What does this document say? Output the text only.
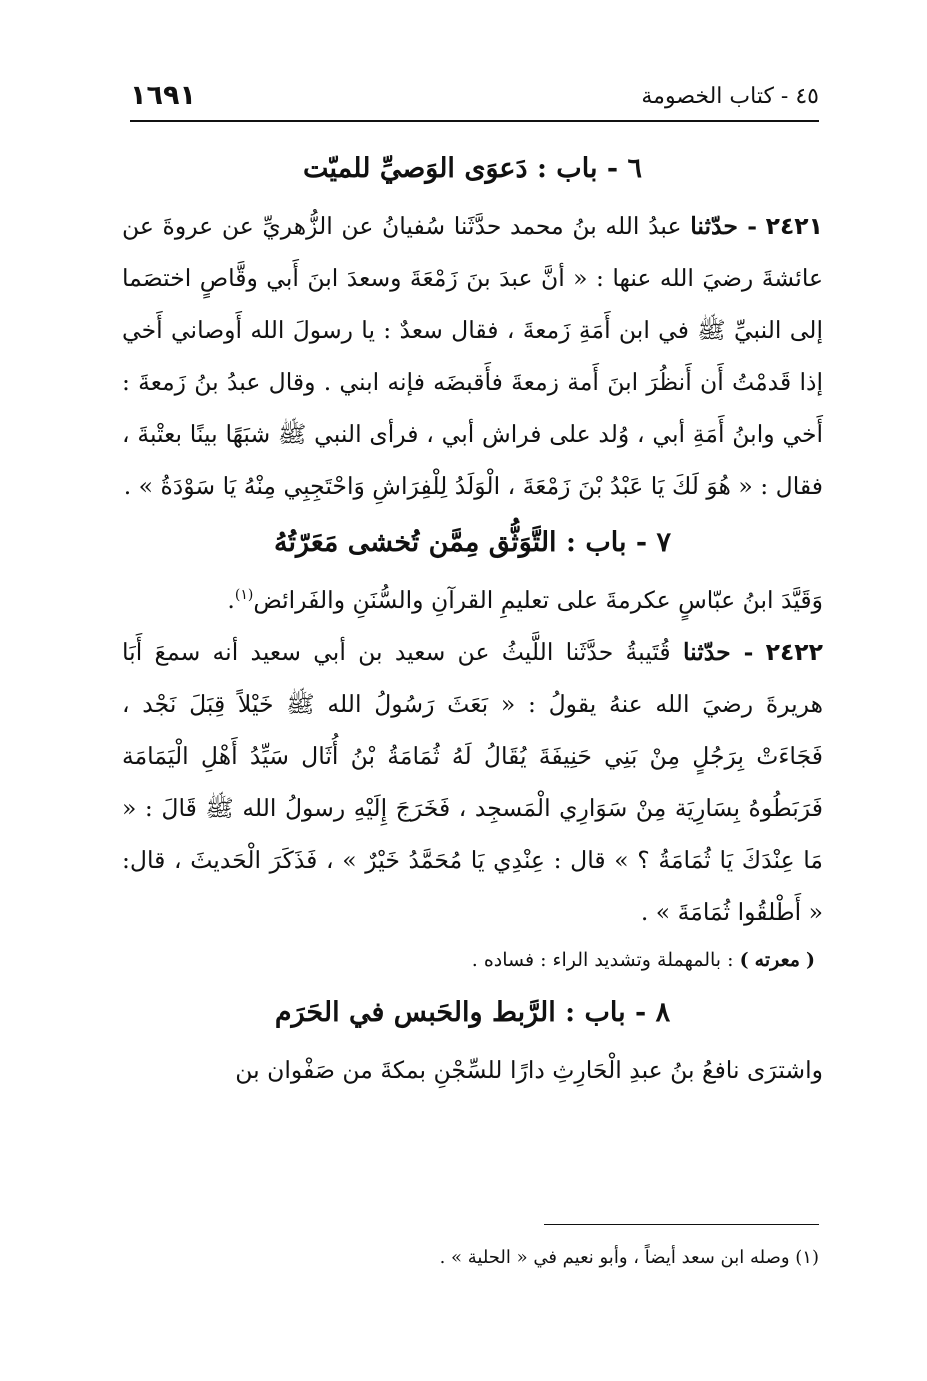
٤٥ - كتاب الخصومة
١٦٩١
٦ - باب : دَعوَى الوَصيِّ للميّت

٢٤٢١ - حدّثنا عبدُ الله بنُ محمد حدَّثَنا سُفيانُ عن الزُّهريِّ عن عروةَ عن عائشةَ رضيَ الله عنها : « أنَّ عبدَ بنَ زَمْعَةَ وسعدَ ابنَ أَبي وقَّاصٍ اختصَما إلى النبيِّ ﷺ في ابن أَمَةِ زَمعةَ ، فقال سعدٌ : يا رسولَ الله أَوصاني أَخي إذا قَدمْتُ أَن أَنظُرَ ابنَ أَمة زمعةَ فأَقبضَه فإنه ابني . وقال عبدُ بنُ زَمعةَ : أَخي وابنُ أَمَةِ أبي ، وُلد على فراش أبي ، فرأى النبي ﷺ شبَهًا بينًا بعتْبةَ ، فقال : « هُوَ لَكَ يَا عَبْدُ بْنَ زَمْعَةَ ، الْوَلَدُ لِلْفِرَاشِ وَاحْتَجِبِي مِنْهُ يَا سَوْدَةُ » .

٧ - باب : التَّوَثُّق مِمَّن تُخشى مَعَرّتُهُ

وَقَيَّدَ ابنُ عبّاسٍ عكرمةَ على تعليمِ القرآنِ والسُّنَنِ والفَرائض$^{(١)}$.

٢٤٢٢ - حدّثنا قُتَيبةُ حدَّثَنا اللَّيثُ عن سعيد بن أبي سعيد أنه سمعَ أَبَا هريرةَ رضيَ الله عنهُ يقولُ : « بَعَثَ رَسُولُ الله ﷺ خَيْلاً قِبَلَ نَجْد ، فَجَاءَتْ بِرَجُلٍ مِنْ بَنِي حَنِيفَةَ يُقَالُ لَهُ ثُمَامَةُ بْنُ أُثَال سَيِّدُ أَهْلِ الْيَمَامَة فَرَبَطُوهُ بِسَارِيَة مِنْ سَوَارِي الْمَسجِد ، فَخَرَجَ إِلَيْهِ رسولُ الله ﷺ قَالَ : « مَا عِنْدَكَ يَا ثُمَامَةُ ؟ » قال : عِنْدِي يَا مُحَمَّدُ خَيْرٌ » ، فَذَكَرَ الْحَديثَ ، قال: « أَطْلقُوا ثُمَامَةَ » .

( معرته ) : بالمهملة وتشديد الراء : فساده .

٨ - باب : الرَّبط والحَبس في الحَرَم

واشترَى نافعُ بنُ عبدِ الْحَارِثِ دارًا للسِّجْنِ بمكةَ من صَفْوان بن

(١) وصله ابن سعد أيضاً ، وأبو نعيم في « الحلية » .
